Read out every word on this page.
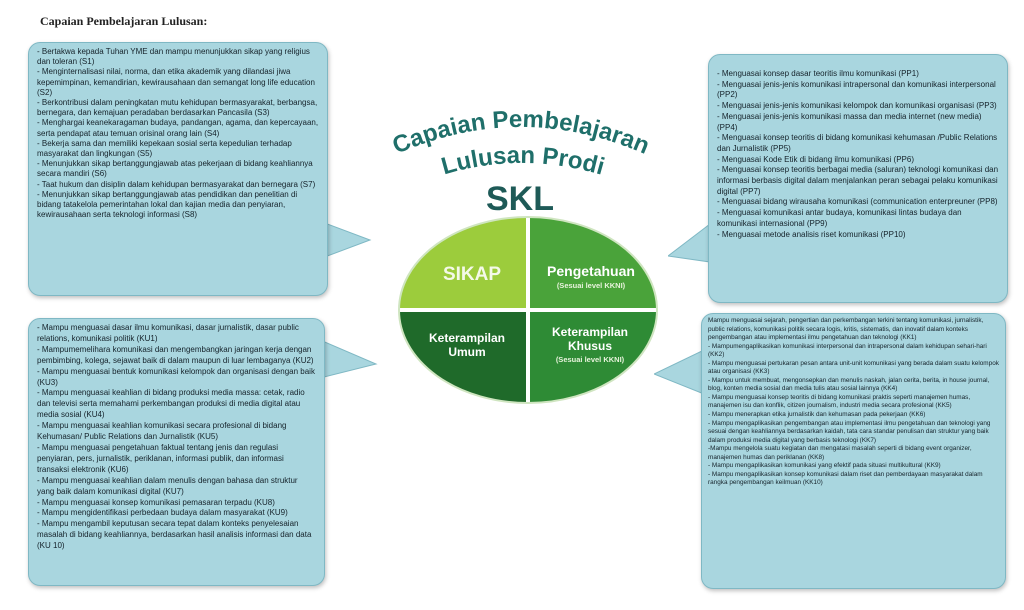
Capaian Pembelajaran Lulusan:
- Bertakwa kepada Tuhan YME dan mampu menunjukkan sikap yang religius dan toleran (S1)
- Menginternalisasi nilai, norma, dan etika akademik yang dilandasi jiwa kepemimpinan, kemandirian, kewirausahaan dan semangat long life education (S2)
- Berkontribusi dalam peningkatan mutu kehidupan bermasyarakat, berbangsa, bernegara, dan kemajuan peradaban berdasarkan Pancasila (S3)
- Menghargai keanekaragaman budaya, pandangan, agama, dan kepercayaan, serta pendapat atau temuan orisinal orang lain (S4)
- Bekerja sama dan memiliki kepekaan sosial serta kepedulian terhadap masyarakat dan lingkungan (S5)
- Menunjukkan sikap bertanggungjawab atas pekerjaan di bidang keahliannya secara mandiri (S6)
- Taat hukum dan disiplin dalam kehidupan bermasyarakat dan bernegara (S7)
- Menunjukkan sikap bertanggungjawab atas pendidikan dan penelitian di bidang tatakelola pemerintahan lokal dan kajian media dan penyiaran, kewirausahaan serta teknologi informasi (S8)
- Mampu menguasai dasar ilmu komunikasi, dasar jurnalistik, dasar public relations, komunikasi politik (KU1)
- Mampumemelihara komunikasi dan mengembangkan jaringan kerja dengan pembimbing, kolega, sejawat baik di dalam maupun di luar lembaganya (KU2)
- Mampu menguasai bentuk komunikasi kelompok dan organisasi dengan baik (KU3)
- Mampu menguasai keahlian di bidang produksi media massa: cetak, radio dan televisi serta memahami perkembangan produksi di media digital atau media sosial (KU4)
- Mampu menguasai keahlian komunikasi secara profesional di bidang Kehumasan/ Public Relations dan Jurnalistik (KU5)
- Mampu menguasai pengetahuan faktual tentang jenis dan regulasi penyiaran, pers, jurnalistik, periklanan, informasi publik, dan informasi transaksi elektronik (KU6)
- Mampu menguasai keahlian dalam menulis dengan bahasa dan struktur yang baik dalam komunikasi digital (KU7)
- Mampu menguasai konsep komunikasi pemasaran terpadu (KU8)
- Mampu mengidentifikasi perbedaan budaya dalam masyarakat (KU9)
- Mampu mengambil keputusan secara tepat dalam konteks penyelesaian masalah di bidang keahliannya, berdasarkan hasil analisis informasi dan data (KU 10)
- Menguasai konsep dasar teoritis ilmu komunikasi (PP1)
- Menguasai jenis-jenis komunikasi intrapersonal dan komunikasi interpersonal (PP2)
- Menguasai jenis-jenis komunikasi kelompok dan komunikasi organisasi (PP3)
- Menguasai jenis-jenis komunikasi massa dan media internet (new media) (PP4)
- Menguasai konsep teoritis di bidang komunikasi kehumasan /Public Relations dan Jurnalistik (PP5)
- Menguasai Kode Etik di bidang ilmu komunikasi (PP6)
- Menguasai konsep teoritis berbagai media (saluran) teknologi komunikasi dan informasi berbasis digital dalam menjalankan peran sebagai pelaku komunikasi digital (PP7)
- Menguasai bidang wirausaha komunikasi (communication enterpreuner (PP8)
- Menguasai komunikasi antar budaya, komunikasi lintas budaya dan komunikasi internasional (PP9)
- Menguasai metode analisis riset komunikasi (PP10)
Mampu menguasai sejarah, pengertian dan perkembangan terkini tentang komunikasi, jurnalistik, public relations, komunikasi politik secara logis, kritis, sistematis, dan inovatif dalam konteks pengembangan atau implementasi ilmu pengetahuan dan teknologi (KK1)
- Mampumengaplikasikan komunikasi interpersonal dan intrapersonal dalam kehidupan sehari-hari (KK2)
- Mampu menguasai pertukaran pesan antara unit-unit komunikasi yang berada dalam suatu kelompok atau organisasi (KK3)
- Mampu untuk membuat, mengonsepkan dan menulis naskah, jalan cerita, berita, in house journal, blog, konten media sosial dan media tulis atau sosial lainnya (KK4)
- Mampu menguasai konsep teoritis di bidang komunikasi praktis seperti manajemen humas, manajemen isu dan konflik, citizen journalism, industri media secara profesional (KK5)
- Mampu menerapkan etika jurnalistik dan kehumasan pada pekerjaan (KK6)
- Mampu mengaplikasikan pengembangan atau implementasi ilmu pengetahuan dan teknologi yang sesuai dengan keahliannya berdasarkan kaidah, tata cara standar penulisan dan struktur yang baik dalam produksi media digital yang berbasis teknologi (KK7)
-Mampu mengelola suatu kegiatan dan mengatasi masalah seperti di bidang event organizer, manajemen humas dan periklanan (KK8)
- Mampu mengaplikasikan komunikasi yang efektif pada situasi multikultural (KK9)
- Mampu mengaplikasikan konsep komunikasi dalam riset dan pemberdayaan masyarakat dalam rangka pengembangan keilmuan (KK10)
Capaian Pembelajaran
Lulusan Prodi
SKL
SIKAP	Pengetahuan
(Sesuai level KKNI)
Keterampilan
Umum
Keterampilan
Khusus
(Sesuai level KKNI)
